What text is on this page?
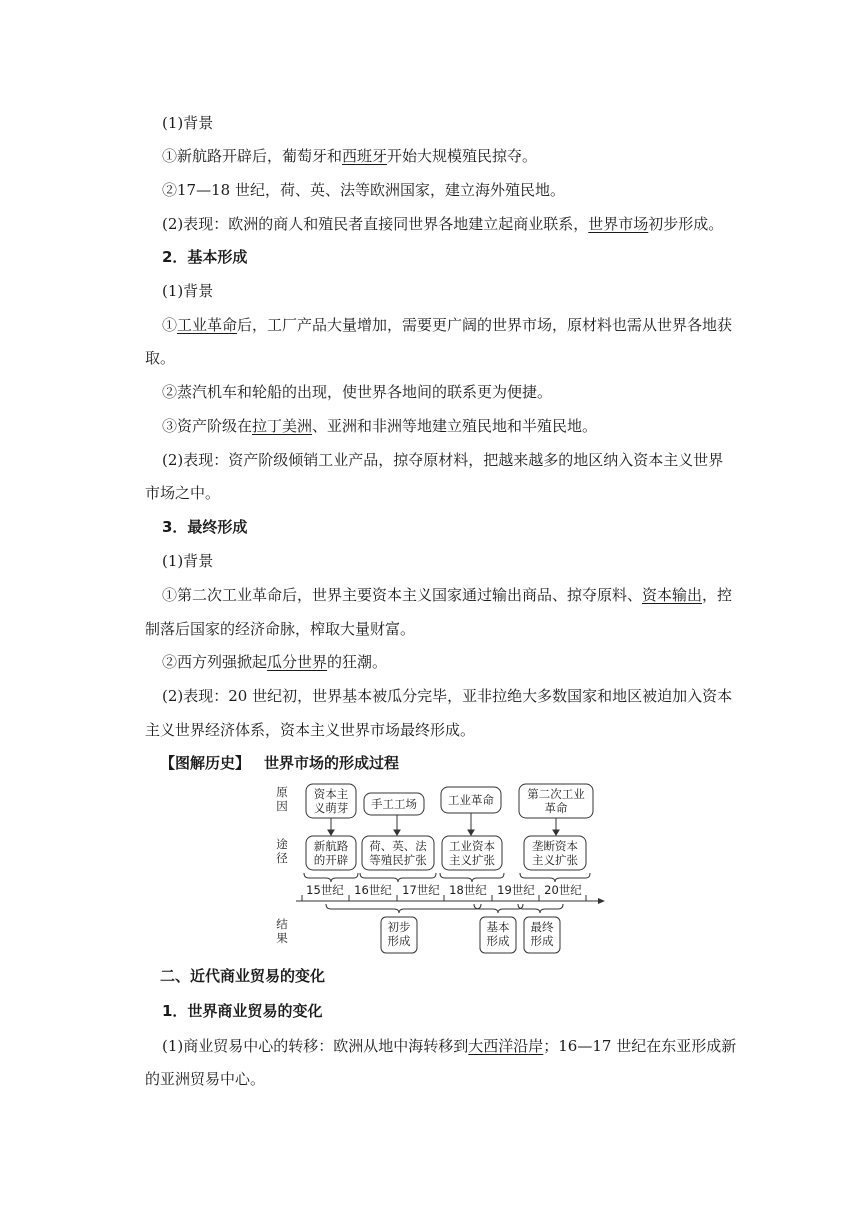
(1)背景
①新航路开辟后，葡萄牙和西班牙开始大规模殖民掠夺。
②17—18 世纪，荷、英、法等欧洲国家，建立海外殖民地。
(2)表现：欧洲的商人和殖民者直接同世界各地建立起商业联系，世界市场初步形成。
2．基本形成
(1)背景
①工业革命后，工厂产品大量增加，需要更广阔的世界市场，原材料也需从世界各地获
取。
②蒸汽机车和轮船的出现，使世界各地间的联系更为便捷。
③资产阶级在拉丁美洲、亚洲和非洲等地建立殖民地和半殖民地。
(2)表现：资产阶级倾销工业产品，掠夺原材料，把越来越多的地区纳入资本主义世界
市场之中。
3．最终形成
(1)背景
①第二次工业革命后，世界主要资本主义国家通过输出商品、掠夺原料、资本输出，控
制落后国家的经济命脉，榨取大量财富。
②西方列强掀起瓜分世界的狂潮。
(2)表现：20 世纪初，世界基本被瓜分完毕，亚非拉绝大多数国家和地区被迫加入资本
主义世界经济体系，资本主义世界市场最终形成。
【图解历史】 世界市场的形成过程
原
因
途
径
结
果
资本主
义萌芽 手工工场	工业革命	第二次工业
革命
新航路
的开辟
荷、英、法
等殖民扩张
工业资本
主义扩张
垄断资本
主义扩张
15世纪 16世纪 17世纪 18世纪 19世纪 20世纪
初步
形成
基本
形成
最终
形成
二、近代商业贸易的变化
1．世界商业贸易的变化
(1)商业贸易中心的转移：欧洲从地中海转移到大西洋沿岸；16—17 世纪在东亚形成新
的亚洲贸易中心。
